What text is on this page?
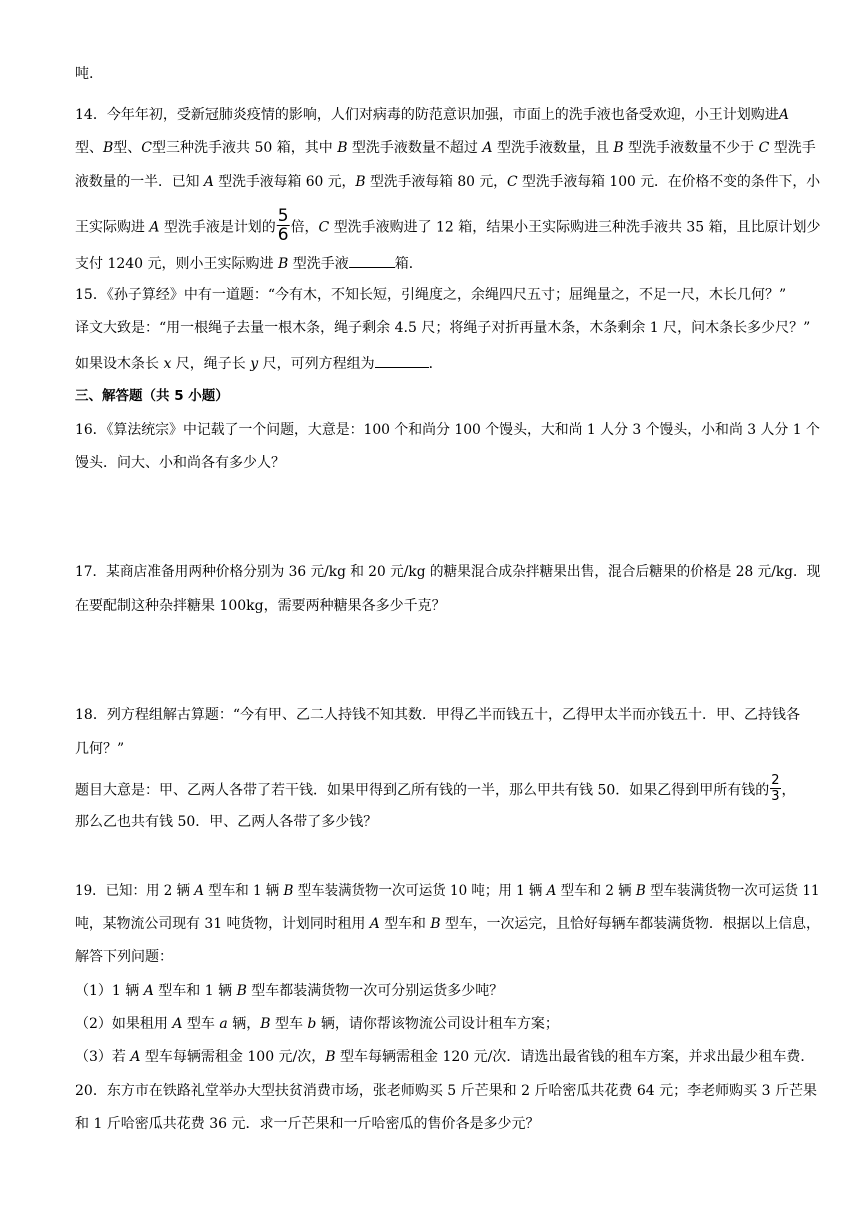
吨.
14．今年年初，受新冠肺炎疫情的影响，人们对病毒的防范意识加强，市面上的洗手液也备受欢迎，小王计划购进A
型、B型、C型三种洗手液共 50 箱，其中 B 型洗手液数量不超过 A 型洗手液数量，且 B 型洗手液数量不少于 C 型洗手
液数量的一半．已知 A 型洗手液每箱 60 元，B 型洗手液每箱 80 元，C 型洗手液每箱 100 元．在价格不变的条件下，小
王实际购进 A 型洗手液是计划的 $\frac{5}{6}$ 倍，C 型洗手液购进了 12 箱，结果小王实际购进三种洗手液共 35 箱，且比原计划少
支付 1240 元，则小王实际购进 B 型洗手液	箱．
15．《孙子算经》中有一道题：“今有木，不知长短，引绳度之，余绳四尺五寸；屈绳量之，不足一尺，木长几何？”
译文大致是：“用一根绳子去量一根木条，绳子剩余 4.5 尺；将绳子对折再量木条，木条剩余 1 尺，问木条长多少尺？”
如果设木条长 x 尺，绳子长 y 尺，可列方程组为	．
三、解答题（共 5 小题）
16．《算法统宗》中记载了一个问题，大意是：100 个和尚分 100 个馒头，大和尚 1 人分 3 个馒头，小和尚 3 人分 1 个
馒头．问大、小和尚各有多少人？
17．某商店准备用两种价格分别为 36 元/kg 和 20 元/kg 的糖果混合成杂拌糖果出售，混合后糖果的价格是 28 元/kg．现
在要配制这种杂拌糖果 100kg，需要两种糖果各多少千克？
18．列方程组解古算题：“今有甲、乙二人持钱不知其数．甲得乙半而钱五十，乙得甲太半而亦钱五十．甲、乙持钱各
几何？”
题目大意是：甲、乙两人各带了若干钱．如果甲得到乙所有钱的一半，那么甲共有钱 50．如果乙得到甲所有钱的 $\frac{2}{3}$ ，
那么乙也共有钱 50．甲、乙两人各带了多少钱？
19．已知：用 2 辆 A 型车和 1 辆 B 型车装满货物一次可运货 10 吨；用 1 辆 A 型车和 2 辆 B 型车装满货物一次可运货 11
吨，某物流公司现有 31 吨货物，计划同时租用 A 型车和 B 型车，一次运完，且恰好每辆车都装满货物．根据以上信息，
解答下列问题：
（1）1 辆 A 型车和 1 辆 B 型车都装满货物一次可分别运货多少吨？
（2）如果租用 A 型车 a 辆，B 型车 b 辆，请你帮该物流公司设计租车方案；
（3）若 A 型车每辆需租金 100 元/次，B 型车每辆需租金 120 元/次．请选出最省钱的租车方案，并求出最少租车费．
20．东方市在铁路礼堂举办大型扶贫消费市场，张老师购买 5 斤芒果和 2 斤哈密瓜共花费 64 元；李老师购买 3 斤芒果
和 1 斤哈密瓜共花费 36 元．求一斤芒果和一斤哈密瓜的售价各是多少元？
